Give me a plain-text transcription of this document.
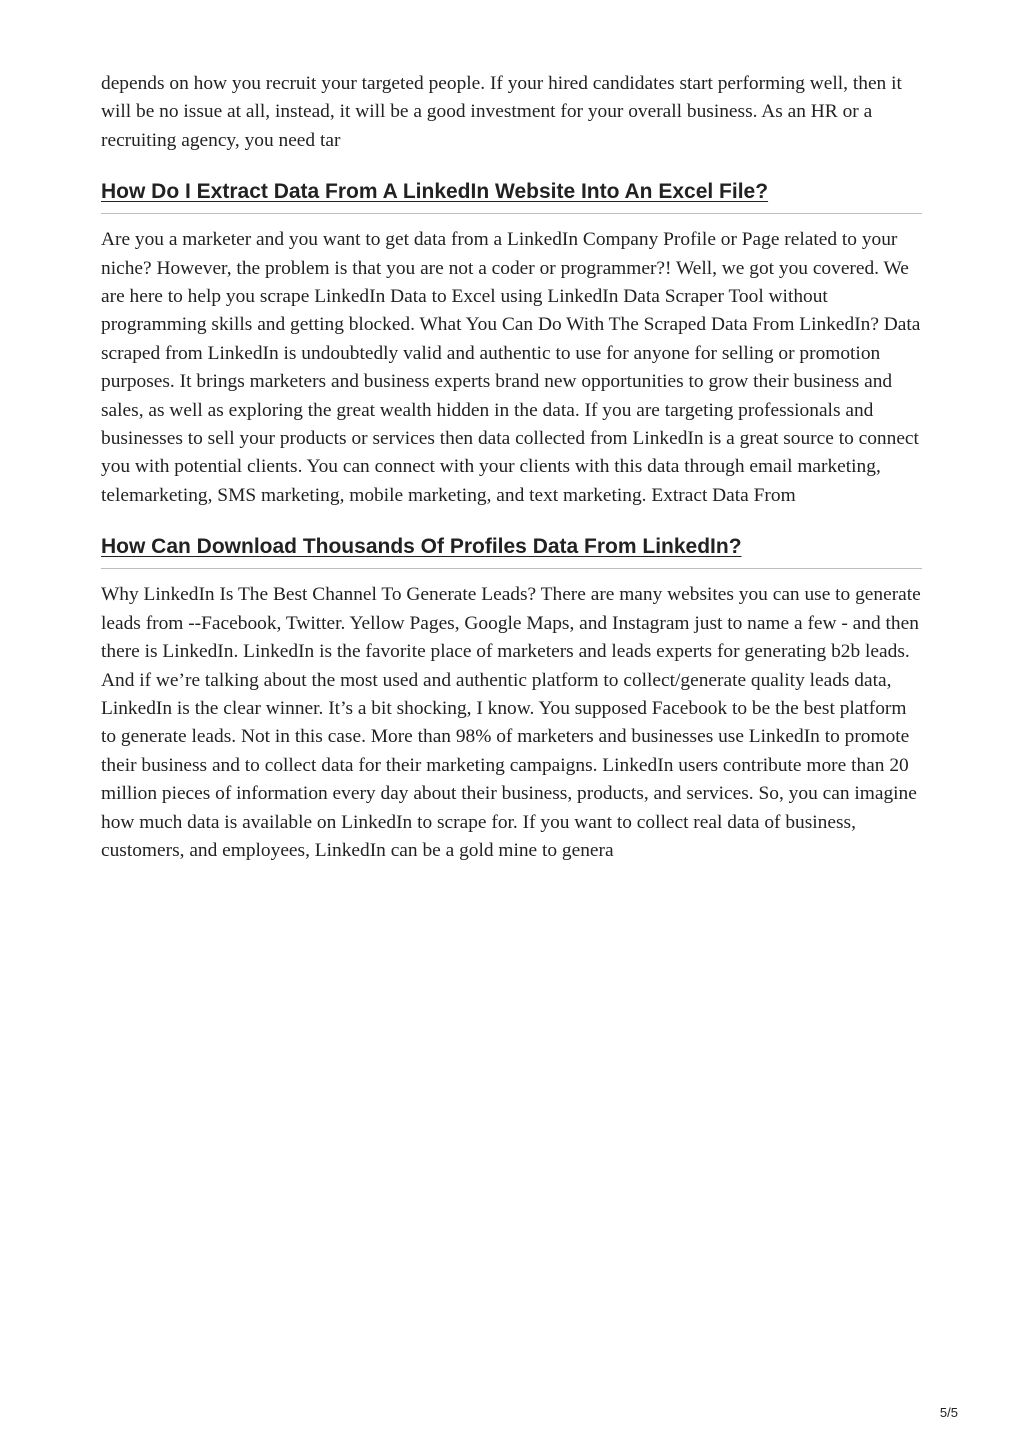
depends on how you recruit your targeted people. If your hired candidates start performing well, then it will be no issue at all, instead, it will be a good investment for your overall business. As an HR or a recruiting agency, you need tar

How Do I Extract Data From A LinkedIn Website Into An Excel File?

Are you a marketer and you want to get data from a LinkedIn Company Profile or Page related to your niche? However, the problem is that you are not a coder or programmer?! Well, we got you covered. We are here to help you scrape LinkedIn Data to Excel using LinkedIn Data Scraper Tool without programming skills and getting blocked. What You Can Do With The Scraped Data From LinkedIn? Data scraped from LinkedIn is undoubtedly valid and authentic to use for anyone for selling or promotion purposes. It brings marketers and business experts brand new opportunities to grow their business and sales, as well as exploring the great wealth hidden in the data. If you are targeting professionals and businesses to sell your products or services then data collected from LinkedIn is a great source to connect you with potential clients. You can connect with your clients with this data through email marketing, telemarketing, SMS marketing, mobile marketing, and text marketing. Extract Data From

How Can Download Thousands Of Profiles Data From LinkedIn?

Why LinkedIn Is The Best Channel To Generate Leads? There are many websites you can use to generate leads from --Facebook, Twitter. Yellow Pages, Google Maps, and Instagram just to name a few - and then there is LinkedIn. LinkedIn is the favorite place of marketers and leads experts for generating b2b leads. And if we’re talking about the most used and authentic platform to collect/generate quality leads data, LinkedIn is the clear winner. It’s a bit shocking, I know. You supposed Facebook to be the best platform to generate leads. Not in this case. More than 98% of marketers and businesses use LinkedIn to promote their business and to collect data for their marketing campaigns. LinkedIn users contribute more than 20 million pieces of information every day about their business, products, and services. So, you can imagine how much data is available on LinkedIn to scrape for. If you want to collect real data of business, customers, and employees, LinkedIn can be a gold mine to genera

5/5
